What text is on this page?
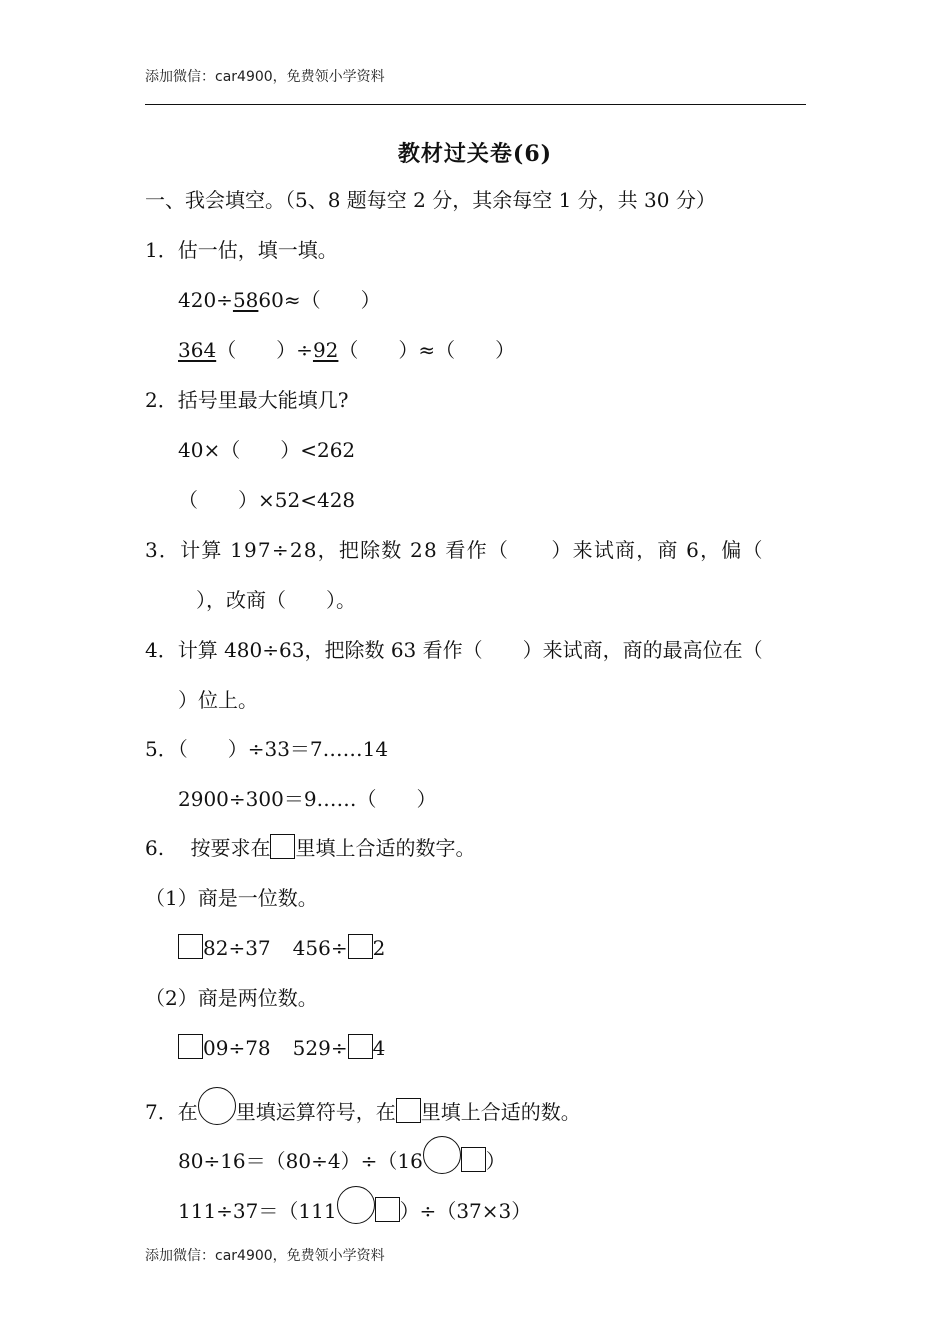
添加微信：car4900，免费领小学资料
教材过关卷(6)
一、我会填空。（5、8 题每空 2 分，其余每空 1 分，共 30 分）
1．估一估，填一填。
420÷5860≈（　　）
364（　　）÷92（　　）≈（　　）
2．括号里最大能填几?
40×（　　）<262
（　　）×52<428
3．计算 197÷28，把除数 28 看作（　　）来试商，商 6，偏（
），改商（　　）。
4．计算 480÷63，把除数 63 看作（　　）来试商，商的最高位在（
）位上。
5．（　　）÷33＝7……14
2900÷300＝9……（　　）
6.　 按要求在 里填上合适的数字。
（1）商是一位数。
82÷37 456÷ 2
（2）商是两位数。
09÷78 529÷ 4
7．在 里填运算符号，在 里填上合适的数。
80÷16＝（80÷4）÷（16	）
111÷37＝（111	）÷（37×3）
添加微信：car4900，免费领小学资料
